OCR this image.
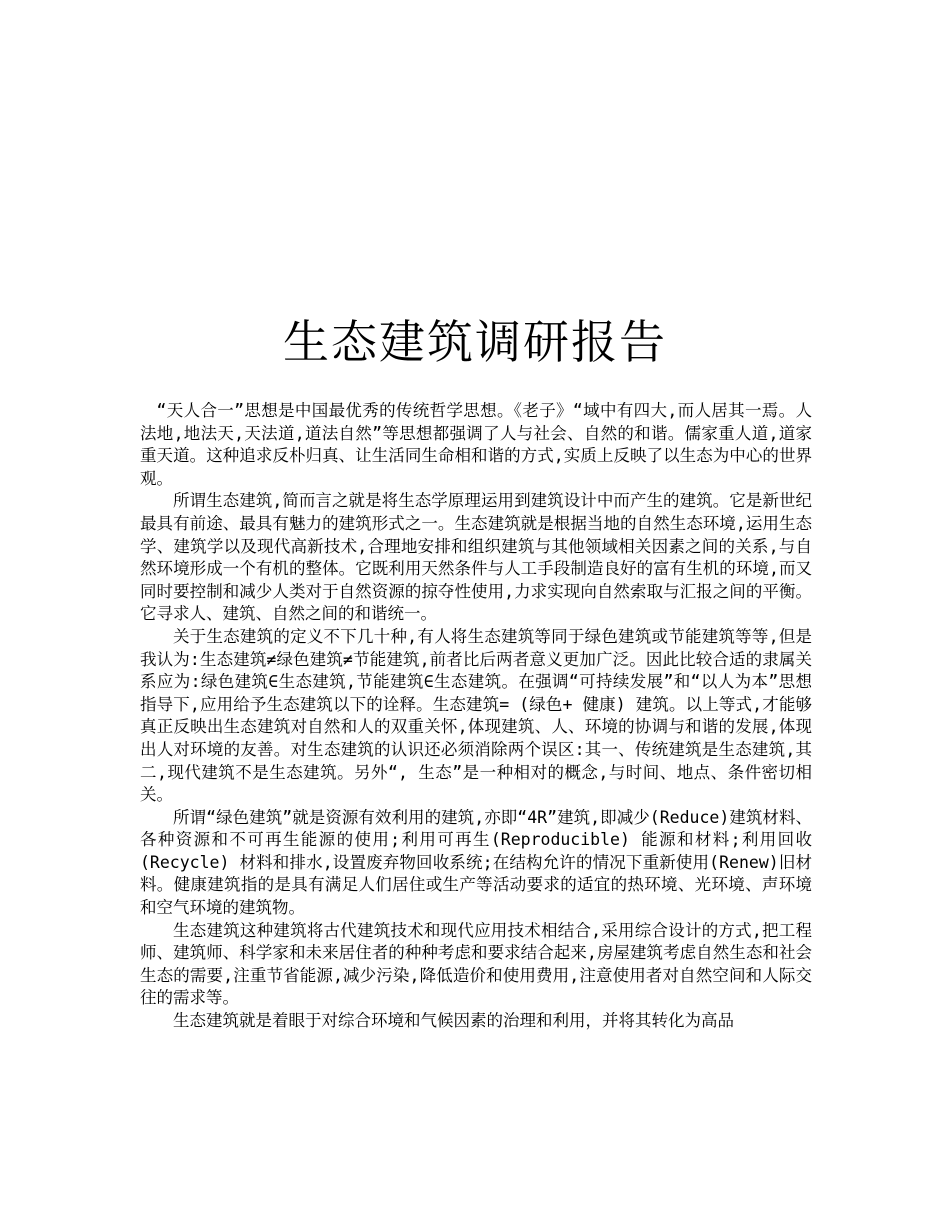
生态建筑调研报告

“天人合一”思想是中国最优秀的传统哲学思想。《老子》“域中有四大,而人居其一焉。人法地,地法天,天法道,道法自然”等思想都强调了人与社会、自然的和谐。儒家重人道,道家重天道。这种追求反朴归真、让生活同生命相和谐的方式,实质上反映了以生态为中心的世界观。

所谓生态建筑,简而言之就是将生态学原理运用到建筑设计中而产生的建筑。它是新世纪最具有前途、最具有魅力的建筑形式之一。生态建筑就是根据当地的自然生态环境,运用生态学、建筑学以及现代高新技术,合理地安排和组织建筑与其他领域相关因素之间的关系,与自然环境形成一个有机的整体。它既利用天然条件与人工手段制造良好的富有生机的环境,而又同时要控制和减少人类对于自然资源的掠夺性使用,力求实现向自然索取与汇报之间的平衡。它寻求人、建筑、自然之间的和谐统一。

关于生态建筑的定义不下几十种,有人将生态建筑等同于绿色建筑或节能建筑等等,但是我认为:生态建筑≠绿色建筑≠节能建筑,前者比后两者意义更加广泛。因此比较合适的隶属关系应为:绿色建筑∈生态建筑,节能建筑∈生态建筑。在强调“可持续发展”和“以人为本”思想指导下,应用给予生态建筑以下的诠释。生态建筑= (绿色+ 健康) 建筑。以上等式,才能够真正反映出生态建筑对自然和人的双重关怀,体现建筑、人、环境的协调与和谐的发展,体现出人对环境的友善。对生态建筑的认识还必须消除两个误区:其一、传统建筑是生态建筑,其二,现代建筑不是生态建筑。另外“, 生态”是一种相对的概念,与时间、地点、条件密切相关。

所谓“绿色建筑”就是资源有效利用的建筑,亦即“4R”建筑,即减少(Reduce)建筑材料、各种资源和不可再生能源的使用;利用可再生(Reproducible) 能源和材料;利用回收(Recycle) 材料和排水,设置废弃物回收系统;在结构允许的情况下重新使用(Renew)旧材料。健康建筑指的是具有满足人们居住或生产等活动要求的适宜的热环境、光环境、声环境和空气环境的建筑物。

生态建筑这种建筑将古代建筑技术和现代应用技术相结合,采用综合设计的方式,把工程师、建筑师、科学家和未来居住者的种种考虑和要求结合起来,房屋建筑考虑自然生态和社会生态的需要,注重节省能源,减少污染,降低造价和使用费用,注意使用者对自然空间和人际交往的需求等。

生态建筑就是着眼于对综合环境和气候因素的治理和利用，并将其转化为高品
